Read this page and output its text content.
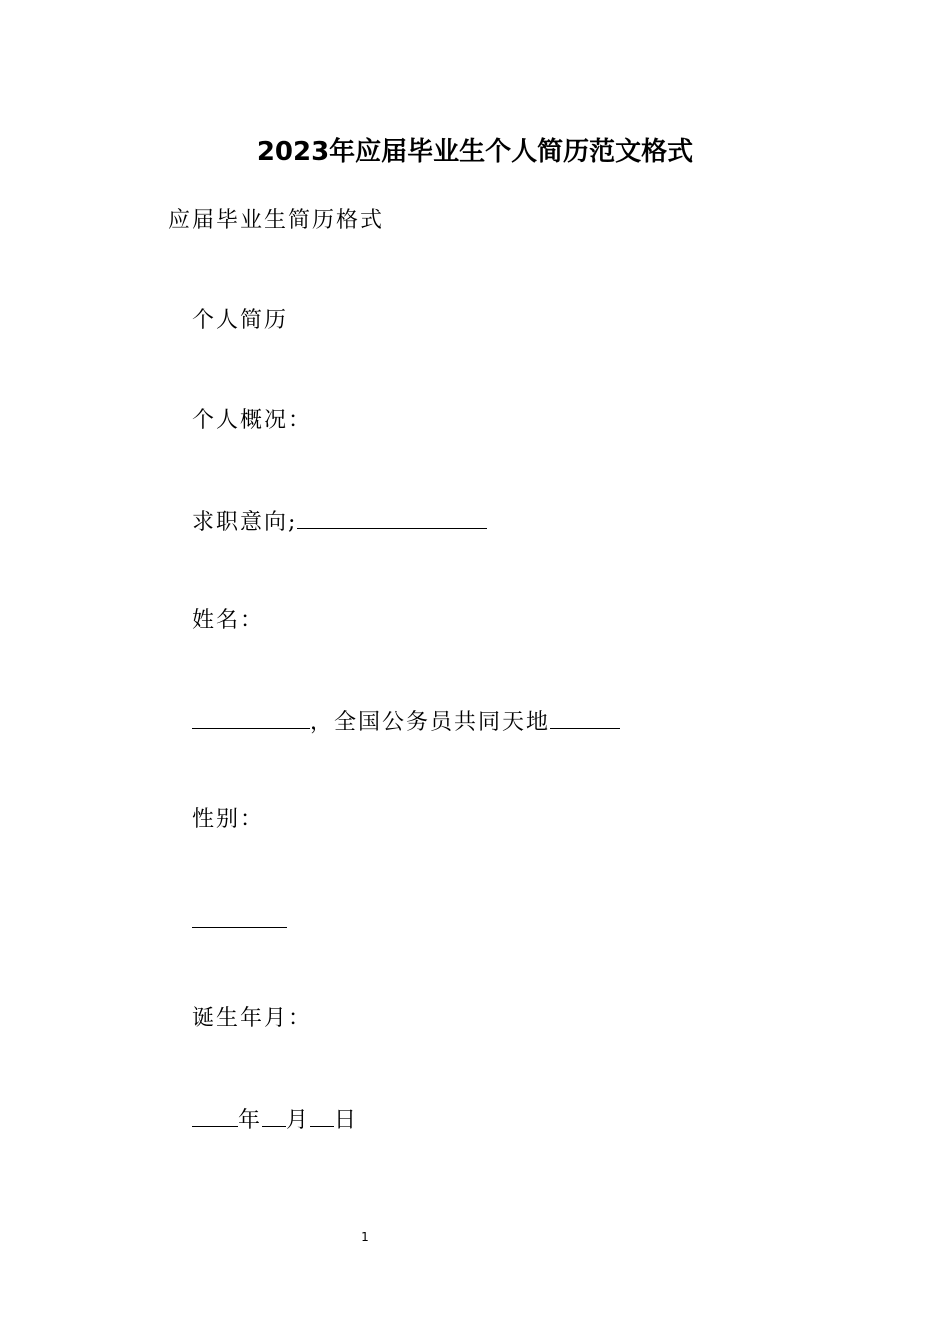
2023年应届毕业生个人简历范文格式
应届毕业生简历格式
个人简历
个人概况：
求职意向;
姓名：
，全国公务员共同天地
性别：
诞生年月：
年 月 日
1
